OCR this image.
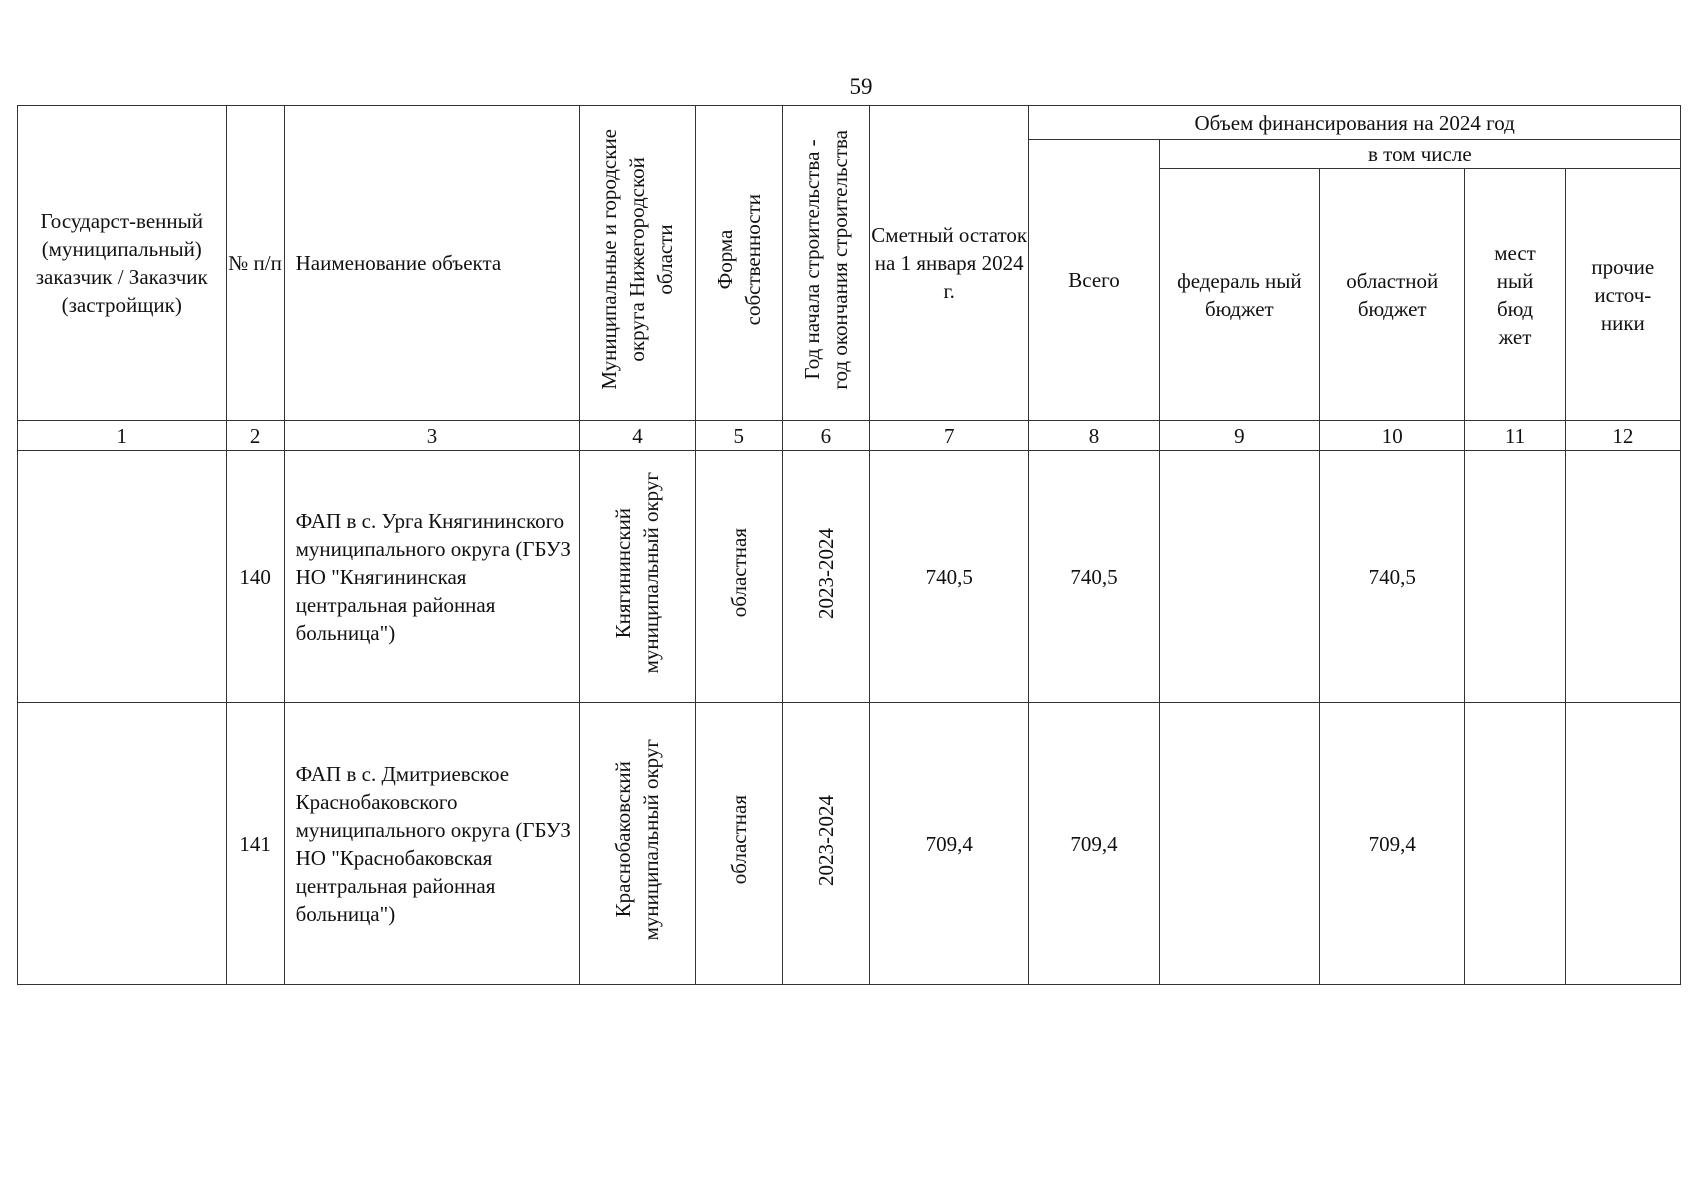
59
Государст-венный (муниципальный) заказчик / Заказчик (застройщик)	№ п/п	Наименование объекта	Муниципальные и городские округа Нижегородской области	Форма собственности	Год начала строительства - год окончания строительства	Сметный остаток на 1 января 2024 г.	Объем финансирования на 2024 год				
							Всего	в том числе			
								федераль ный бюджет	областной бюджет	мест ный бюд жет	прочие источ-ники
1	2	3	4	5	6	7	8	9	10	11	12
	140	ФАП в с. Урга Княгининского муниципального округа (ГБУЗ НО "Княгининская центральная районная больница")	Княгининский муниципальный округ	областная	2023-2024	740,5	740,5		740,5		
	141	ФАП в с. Дмитриевское Краснобаковского муниципального округа (ГБУЗ НО "Краснобаковская центральная районная больница")	Краснобаковский муниципальный округ	областная	2023-2024	709,4	709,4		709,4		
